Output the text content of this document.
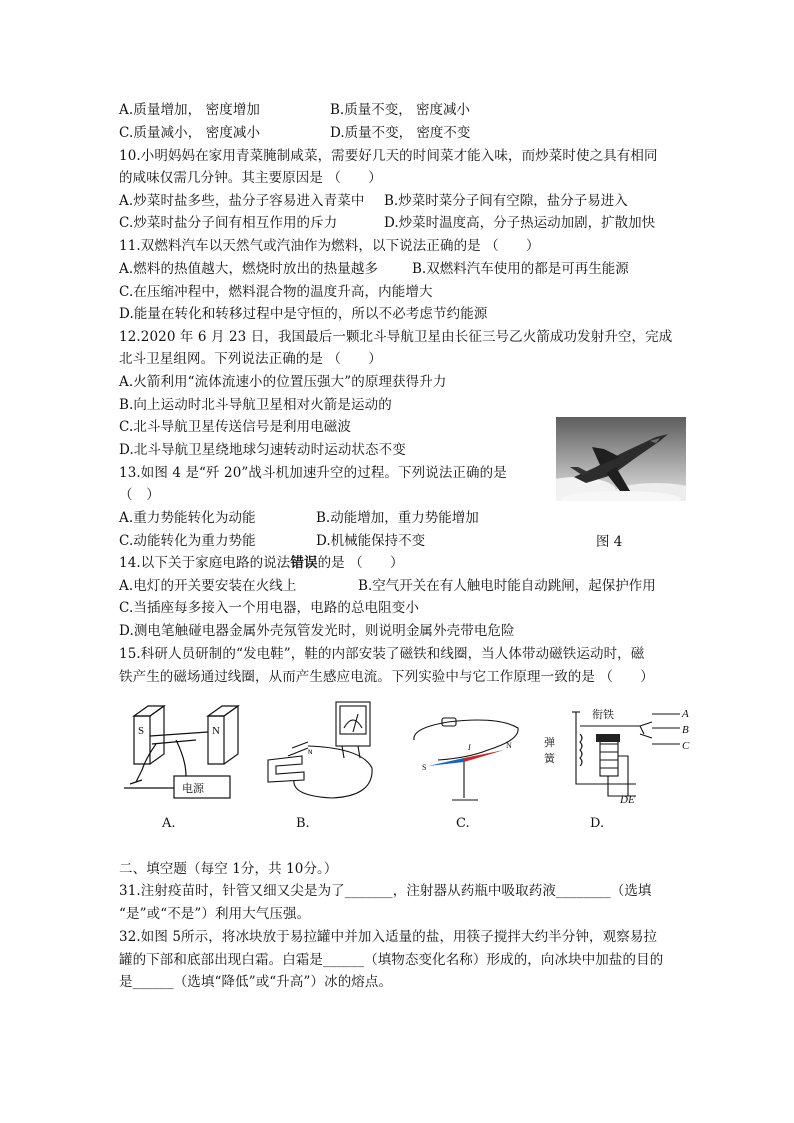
A.质量增加， 密度增加	B.质量不变， 密度减小
C.质量减小， 密度减小	D.质量不变， 密度不变
10.小明妈妈在家用青菜腌制咸菜，需要好几天的时间菜才能入味，而炒菜时使之具有相同
的咸味仅需几分钟。其主要原因是 （　　）
A.炒菜时盐多些，盐分子容易进入青菜中 B.炒菜时菜分子间有空隙，盐分子易进入
C.炒菜时盐分子间有相互作用的斥力	D.炒菜时温度高，分子热运动加剧，扩散加快
11.双燃料汽车以天然气或汽油作为燃料，以下说法正确的是 （　　）
A.燃料的热值越大，燃烧时放出的热量越多	B.双燃料汽车使用的都是可再生能源
C.在压缩冲程中，燃料混合物的温度升高，内能增大
D.能量在转化和转移过程中是守恒的，所以不必考虑节约能源
12.2020 年 6 月 23 日，我国最后一颗北斗导航卫星由长征三号乙火箭成功发射升空，完成
北斗卫星组网。下列说法正确的是 （　　）
A.火箭利用“流体流速小的位置压强大”的原理获得升力
B.向上运动时北斗导航卫星相对火箭是运动的
C.北斗导航卫星传送信号是利用电磁波
D.北斗导航卫星绕地球匀速转动时运动状态不变
13.如图 4 是“歼 20”战斗机加速升空的过程。下列说法正确的是
（　）
A.重力势能转化为动能	B.动能增加，重力势能增加
C.动能转化为重力势能	D.机械能保持不变	图 4
14.以下关于家庭电路的说法错误的是 （　　）
A.电灯的开关要安装在火线上	B.空气开关在有人触电时能自动跳闸，起保护作用
C.当插座每多接入一个用电器，电路的总电阻变小
D.测电笔触碰电器金属外壳氖管发光时，则说明金属外壳带电危险
15.科研人员研制的“发电鞋”，鞋的内部安装了磁铁和线圈，当人体带动磁铁运动时，磁
铁产生的磁场通过线圈，从而产生感应电流。下列实验中与它工作原理一致的是 （　　）
S	N
电源
N
I	N
S
衔铁
弹
簧
A
B
C
DE
A.	B.	C.	D.
二、填空题（每空 1分，共 10分。）
31.注射疫苗时，针管又细又尖是为了_______，注射器从药瓶中吸取药液________（选填
“是”或“不是”）利用大气压强。
32.如图 5所示，将冰块放于易拉罐中并加入适量的盐，用筷子搅拌大约半分钟，观察易拉
罐的下部和底部出现白霜。白霜是______（填物态变化名称）形成的，向冰块中加盐的目的
是______（选填“降低”或“升高”）冰的熔点。
